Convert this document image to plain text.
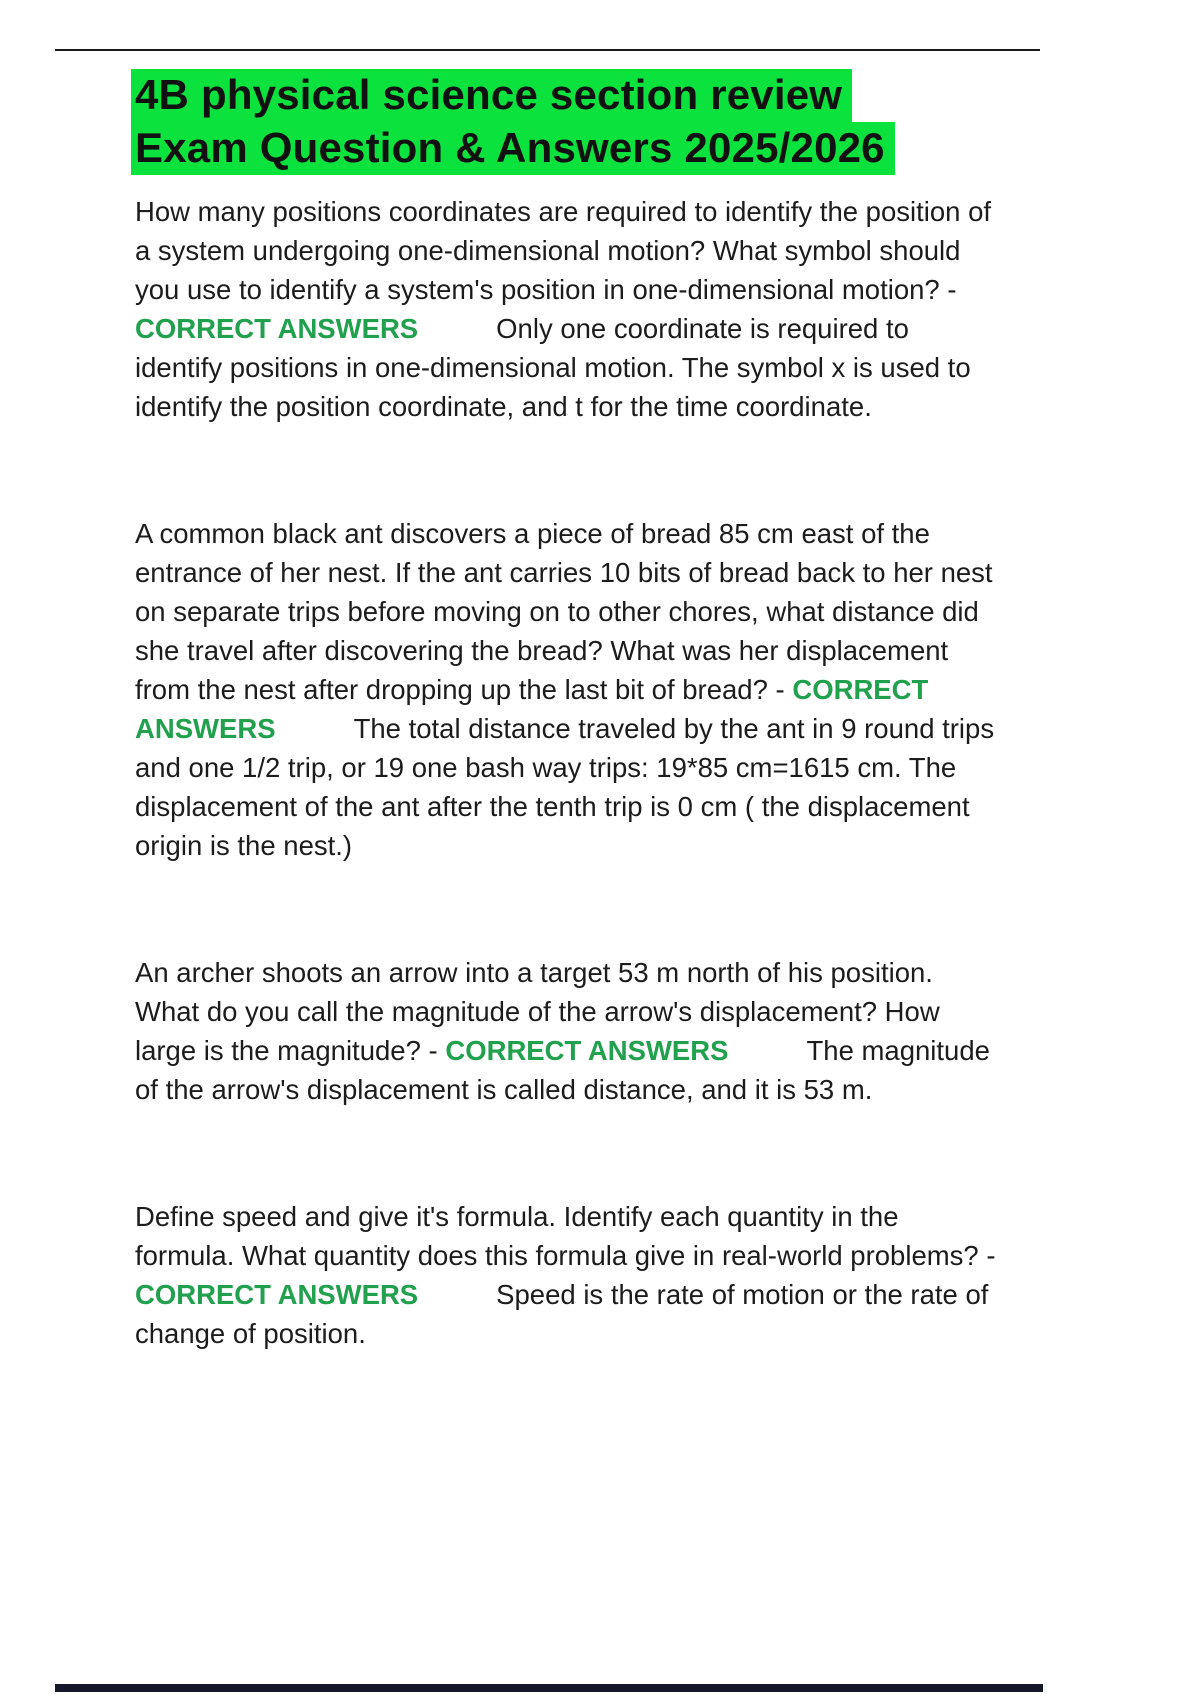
4B physical science section review
Exam Question & Answers 2025/2026

How many positions coordinates are required to identify the position of a system undergoing one-dimensional motion? What symbol should you use to identify a system's position in one-dimensional motion? - CORRECT ANSWERS	Only one coordinate is required to identify positions in one-dimensional motion. The symbol x is used to identify the position coordinate, and t for the time coordinate.

A common black ant discovers a piece of bread 85 cm east of the entrance of her nest. If the ant carries 10 bits of bread back to her nest on separate trips before moving on to other chores, what distance did she travel after discovering the bread? What was her displacement from the nest after dropping up the last bit of bread? - CORRECT ANSWERS	The total distance traveled by the ant in 9 round trips and one 1/2 trip, or 19 one bash way trips: 19*85 cm=1615 cm. The displacement of the ant after the tenth trip is 0 cm ( the displacement origin is the nest.)

An archer shoots an arrow into a target 53 m north of his position. What do you call the magnitude of the arrow's displacement? How large is the magnitude? - CORRECT ANSWERS	The magnitude of the arrow's displacement is called distance, and it is 53 m.

Define speed and give it's formula. Identify each quantity in the formula. What quantity does this formula give in real-world problems? - CORRECT ANSWERS	Speed is the rate of motion or the rate of change of position.
